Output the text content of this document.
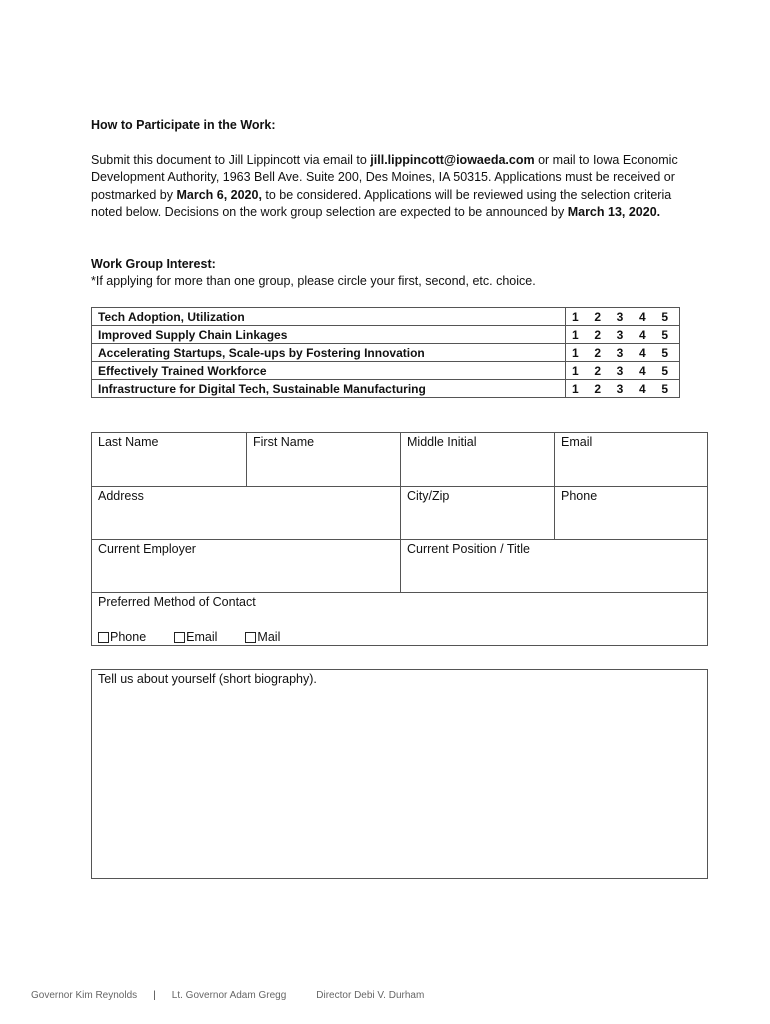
How to Participate in the Work:
Submit this document to Jill Lippincott via email to jill.lippincott@iowaeda.com or mail to Iowa Economic Development Authority, 1963 Bell Ave. Suite 200, Des Moines, IA 50315. Applications must be received or postmarked by March 6, 2020, to be considered. Applications will be reviewed using the selection criteria noted below. Decisions on the work group selection are expected to be announced by March 13, 2020.
Work Group Interest:
*If applying for more than one group, please circle your first, second, etc. choice.
Tech Adoption, Utilization	1 2 3 4 5

Improved Supply Chain Linkages	1 2 3 4 5

Accelerating Startups, Scale-ups by Fostering Innovation	1 2 3 4 5

Effectively Trained Workforce	1 2 3 4 5

Infrastructure for Digital Tech, Sustainable Manufacturing	1 2 3 4 5
Last Name	First Name	Middle Initial	Email
Address	City/Zip	Phone
Current Employer	Current Position / Title
Preferred Method of Contact
Phone	Email	Mail
Tell us about yourself (short biography).
Governor Kim Reynolds | Lt. Governor Adam Gregg	Director Debi V. Durham
